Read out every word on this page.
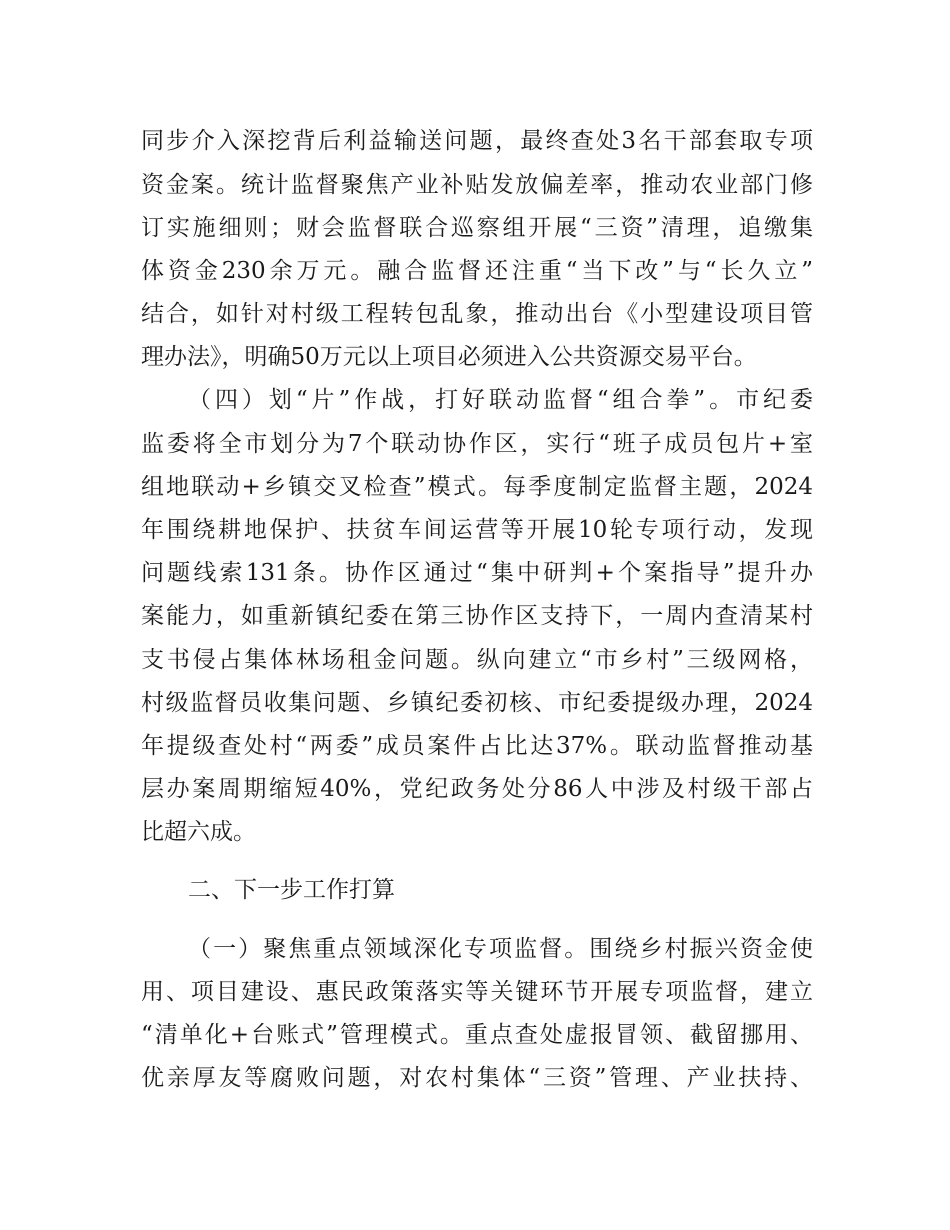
同步介入深挖背后利益输送问题，最终查处3名干部套取专项
资金案。统计监督聚焦产业补贴发放偏差率，推动农业部门修
订实施细则；财会监督联合巡察组开展“三资”清理，追缴集
体资金230余万元。融合监督还注重“当下改”与“长久立”
结合，如针对村级工程转包乱象，推动出台《小型建设项目管
理办法》，明确50万元以上项目必须进入公共资源交易平台。
（四）划“片”作战，打好联动监督“组合拳”。市纪委
监委将全市划分为7个联动协作区，实行“班子成员包片+室
组地联动+乡镇交叉检查”模式。每季度制定监督主题，2024
年围绕耕地保护、扶贫车间运营等开展10轮专项行动，发现
问题线索131条。协作区通过“集中研判+个案指导”提升办
案能力，如重新镇纪委在第三协作区支持下，一周内查清某村
支书侵占集体林场租金问题。纵向建立“市乡村”三级网格，
村级监督员收集问题、乡镇纪委初核、市纪委提级办理，2024
年提级查处村“两委”成员案件占比达37%。联动监督推动基
层办案周期缩短40%，党纪政务处分86人中涉及村级干部占
比超六成。
二、下一步工作打算
（一）聚焦重点领域深化专项监督。围绕乡村振兴资金使
用、项目建设、惠民政策落实等关键环节开展专项监督，建立
“清单化+台账式”管理模式。重点查处虚报冒领、截留挪用、
优亲厚友等腐败问题，对农村集体“三资”管理、产业扶持、
